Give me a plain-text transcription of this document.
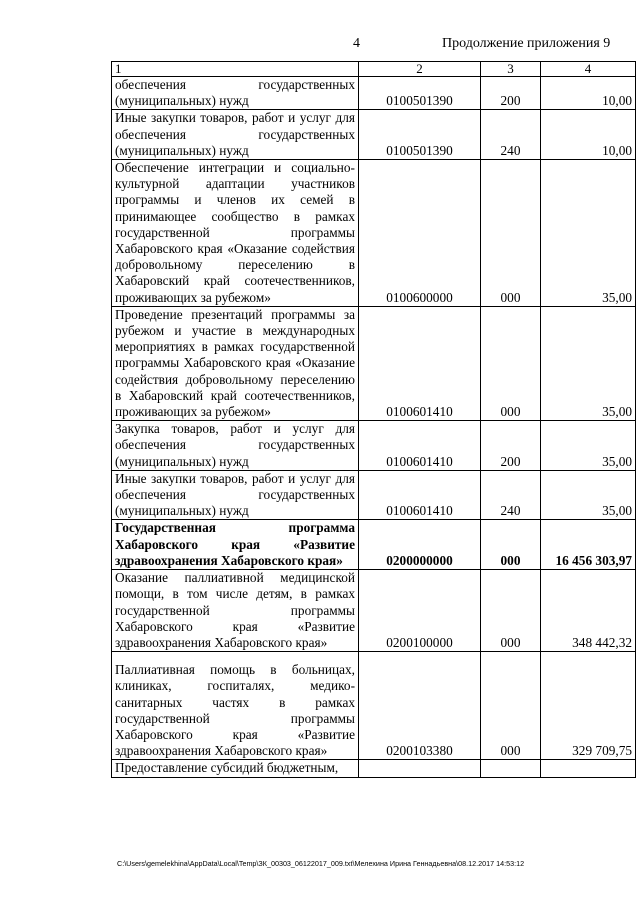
4	Продолжение приложения 9
1	2	3	4
обеспечения государственных (муниципальных) нужд	0100501390	200	10,00
Иные закупки товаров, работ и услуг для обеспечения государственных (муниципальных) нужд	0100501390	240	10,00
Обеспечение интеграции и социально-культурной адаптации участников программы и членов их семей в принимающее сообщество в рамках государственной программы Хабаровского края «Оказание содействия добровольному переселению в Хабаровский край соотечественников, проживающих за рубежом»	0100600000	000	35,00
Проведение презентаций программы за рубежом и участие в международных мероприятиях в рамках государственной программы Хабаровского края «Оказание содействия добровольному переселению в Хабаровский край соотечественников, проживающих за рубежом»	0100601410	000	35,00
Закупка товаров, работ и услуг для обеспечения государственных (муниципальных) нужд	0100601410	200	35,00
Иные закупки товаров, работ и услуг для обеспечения государственных (муниципальных) нужд	0100601410	240	35,00
Государственная программа Хабаровского края «Развитие здравоохранения Хабаровского края»	0200000000	000	16 456 303,97
Оказание паллиативной медицинской помощи, в том числе детям, в рамках государственной программы Хабаровского края «Развитие здравоохранения Хабаровского края»	0200100000	000	348 442,32
Паллиативная помощь в больницах, клиниках, госпиталях, медико-санитарных частях в рамках государственной программы Хабаровского края «Развитие здравоохранения Хабаровского края»	0200103380	000	329 709,75
Предоставление субсидий бюджетным,			
C:\Users\gemelekhina\AppData\Local\Temp\ЗК_00303_06122017_009.txt\Мелехина Ирина Геннадьевна\08.12.2017 14:53:12
